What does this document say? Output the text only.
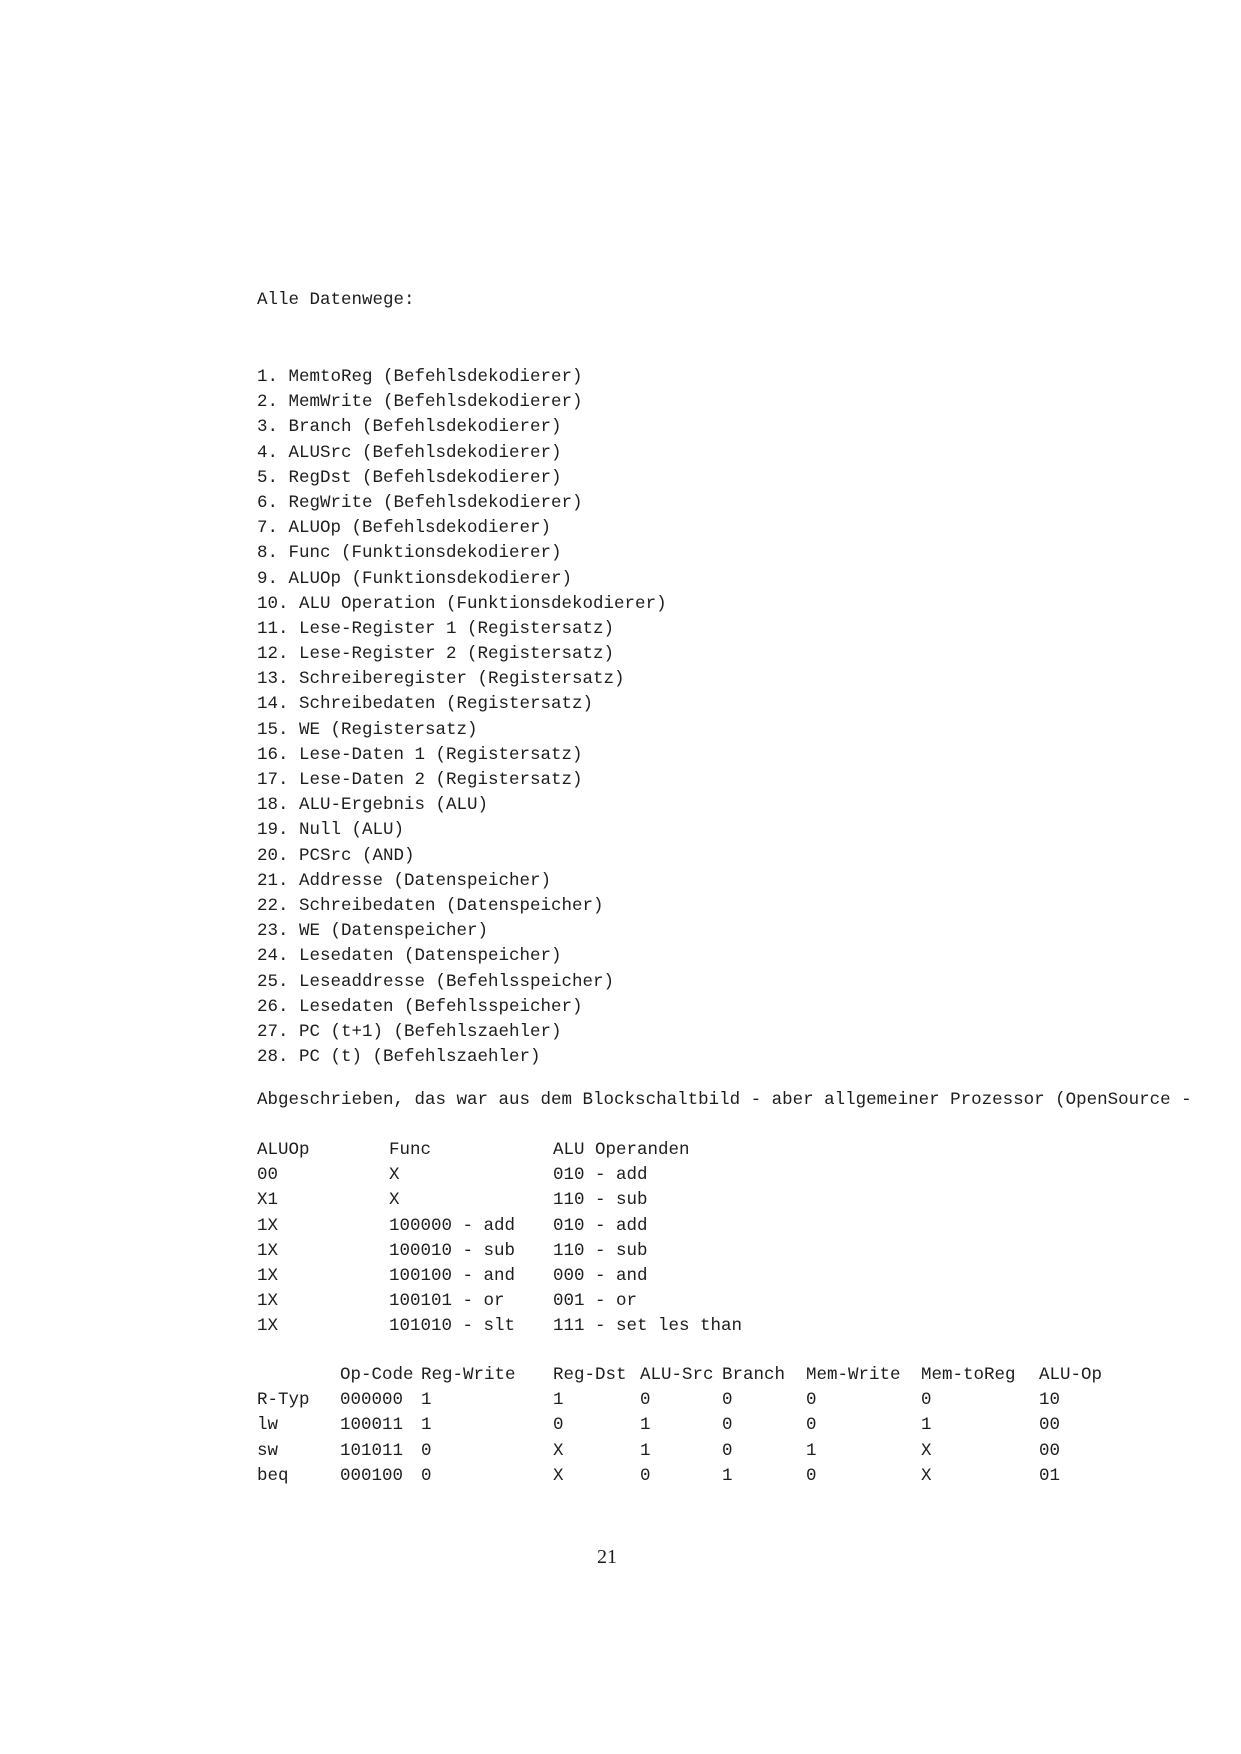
Alle Datenwege:
1. MemtoReg (Befehlsdekodierer)
2. MemWrite (Befehlsdekodierer)
3. Branch (Befehlsdekodierer)
4. ALUSrc (Befehlsdekodierer)
5. RegDst (Befehlsdekodierer)
6. RegWrite (Befehlsdekodierer)
7. ALUOp (Befehlsdekodierer)
8. Func (Funktionsdekodierer)
9. ALUOp (Funktionsdekodierer)
10. ALU Operation (Funktionsdekodierer)
11. Lese-Register 1 (Registersatz)
12. Lese-Register 2 (Registersatz)
13. Schreiberegister (Registersatz)
14. Schreibedaten (Registersatz)
15. WE (Registersatz)
16. Lese-Daten 1 (Registersatz)
17. Lese-Daten 2 (Registersatz)
18. ALU-Ergebnis (ALU)
19. Null (ALU)
20. PCSrc (AND)
21. Addresse (Datenspeicher)
22. Schreibedaten (Datenspeicher)
23. WE (Datenspeicher)
24. Lesedaten (Datenspeicher)
25. Leseaddresse (Befehlsspeicher)
26. Lesedaten (Befehlsspeicher)
27. PC (t+1) (Befehlszaehler)
28. PC (t) (Befehlszaehler)
Abgeschrieben, das war aus dem Blockschaltbild - aber allgemeiner Prozessor (OpenSource -
ALUOp	Func	ALU Operanden
00	X	010 - add
X1	X	110 - sub
1X	100000 - add 010 - add
1X	100010 - sub 110 - sub
1X	100100 - and 000 - and
1X	100101 - or	001 - or
1X	101010 - slt 111 - set les than
Op-Code Reg-Write Reg-Dst ALU-Src Branch Mem-Write Mem-toReg ALU-Op
R-Typ 000000 1	1	0	0	0	0	10
lw	100011 1	0	1	0	0	1	00
sw	101011 0	X	1	0	1	X	00
beq	000100 0	X	0	1	0	X	01
21
